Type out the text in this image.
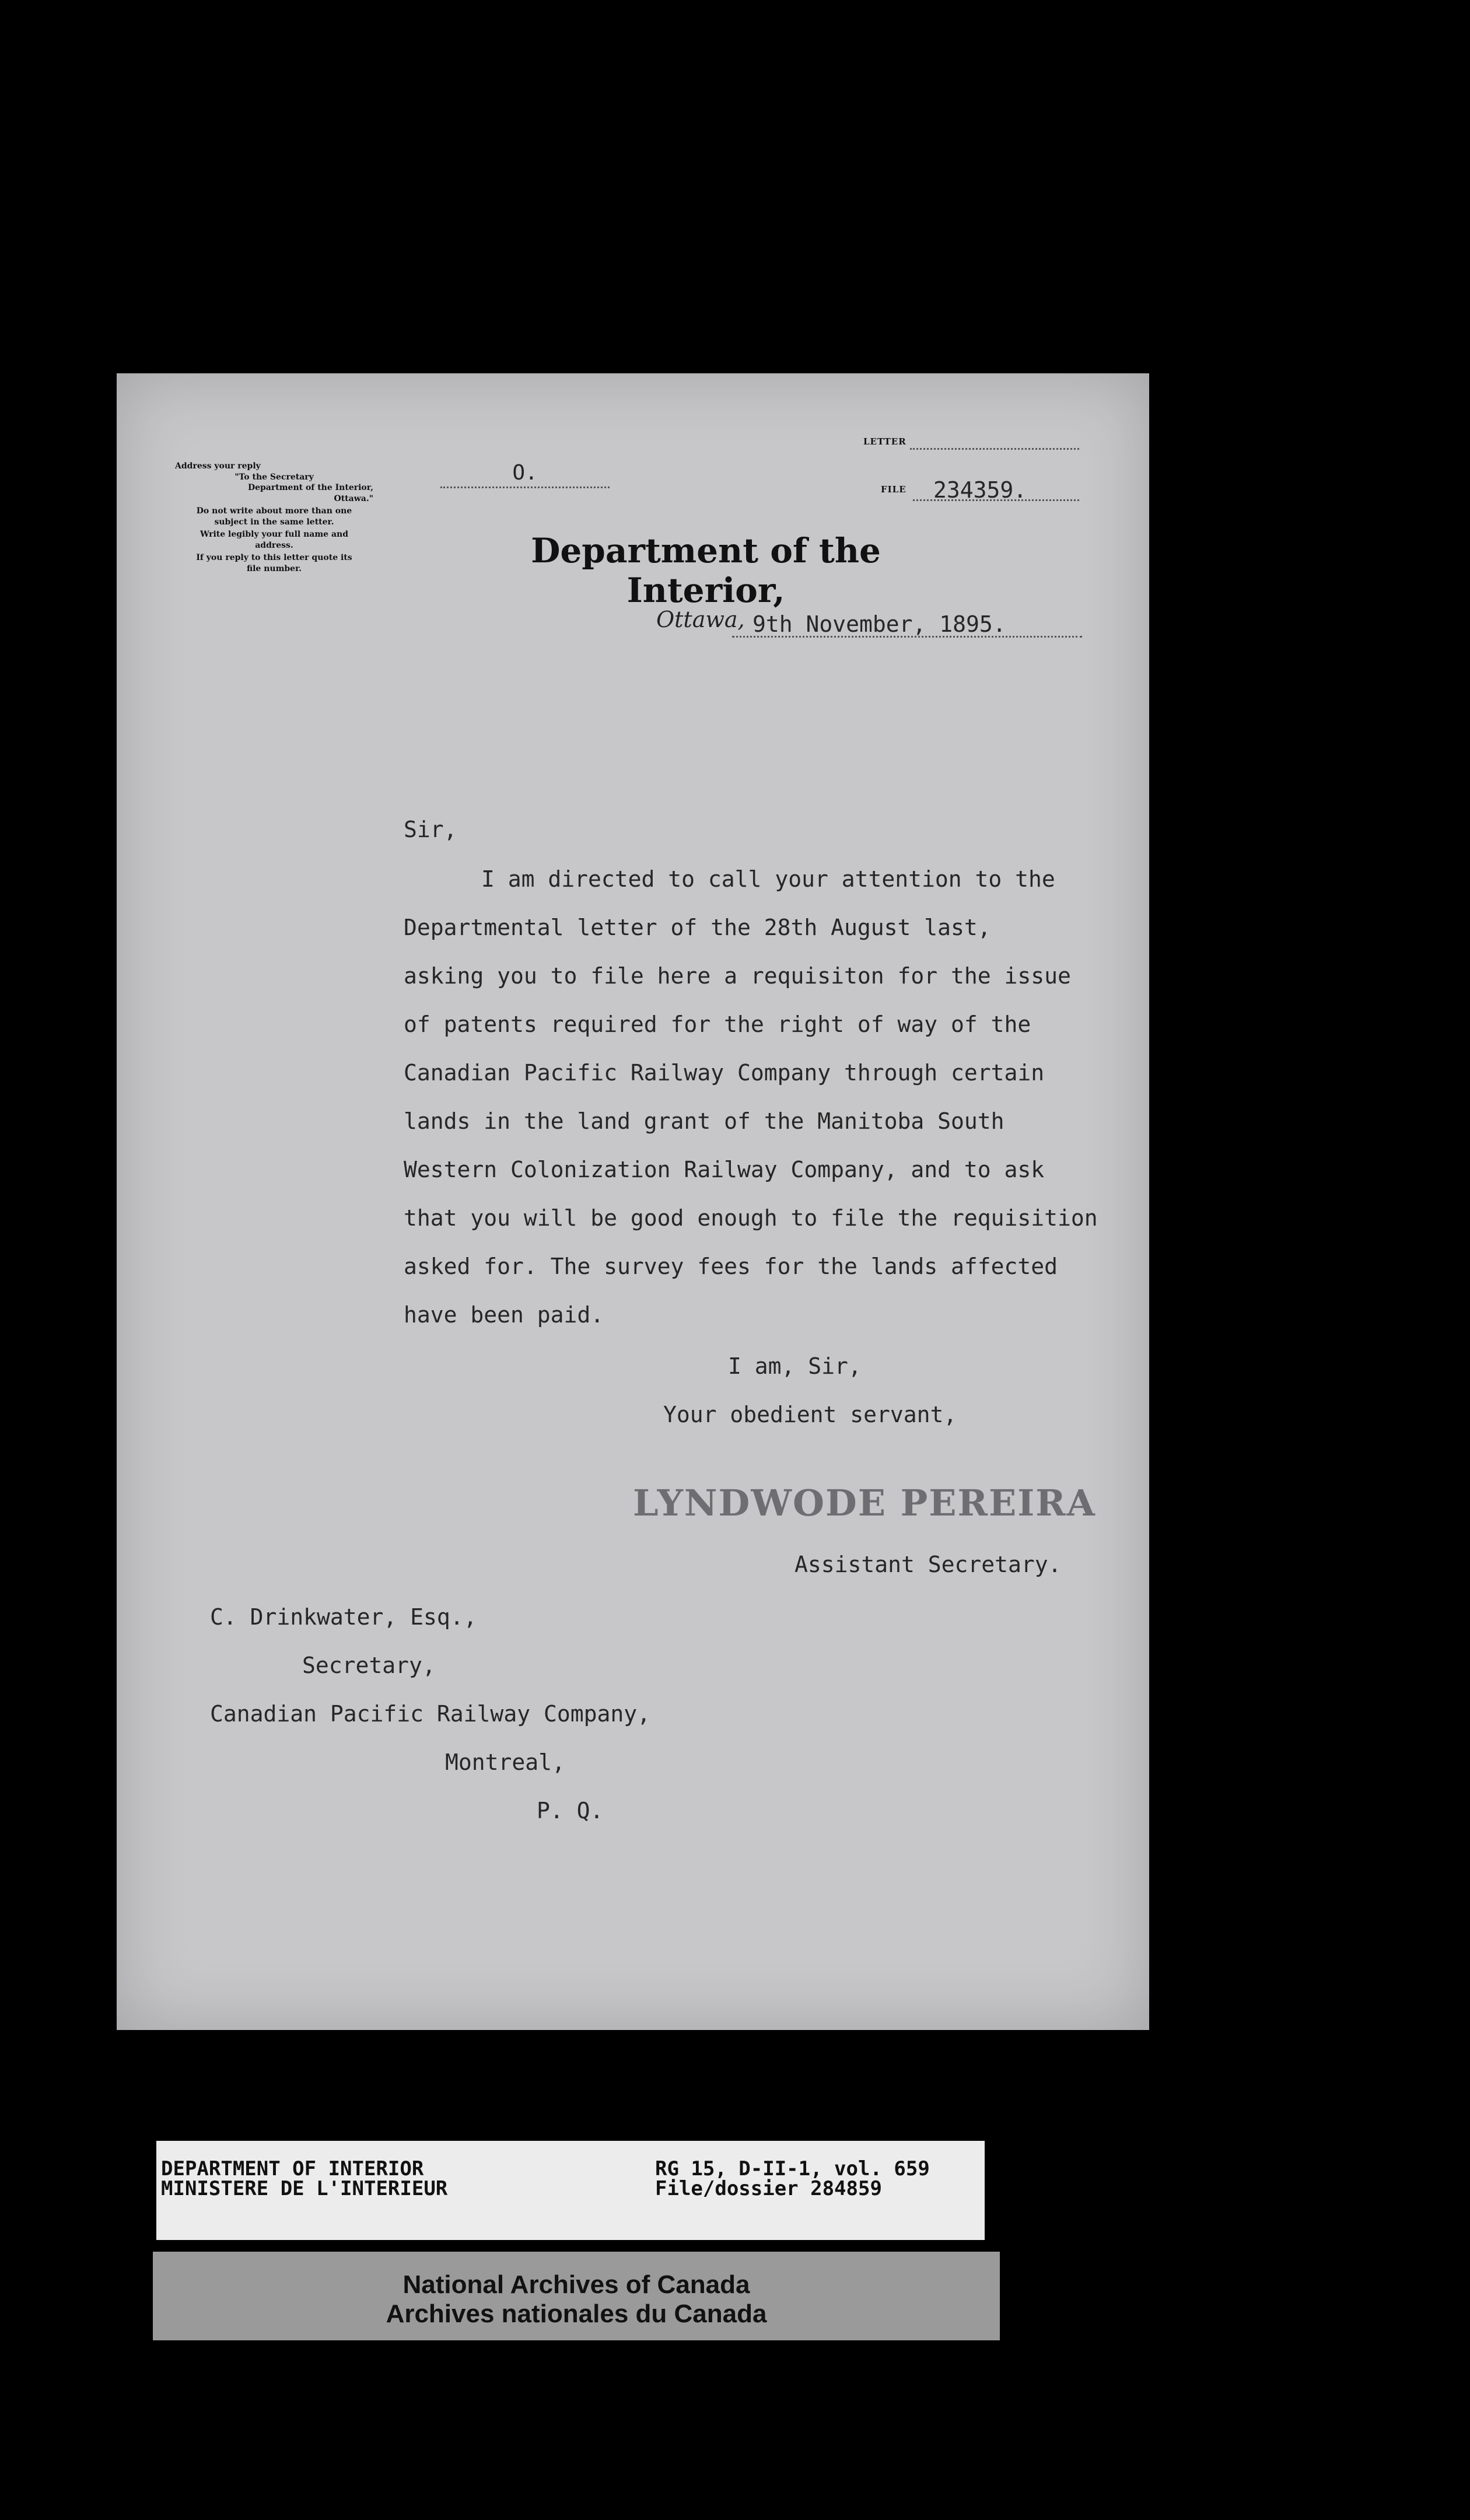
Address your reply
"To the Secretary
Department of the Interior,
Ottawa."
Do not write about more than one
subject in the same letter.
Write legibly your full name and
address.
If you reply to this letter quote its
file number.
O.
LETTER
FILE 234359.
Department of the Interior,
Ottawa, 9th November, 1895.
Sir,
I am directed to call your attention to the
Departmental letter of the 28th August last,
asking you to file here a requisiton for the issue
of patents required for the right of way of the
Canadian Pacific Railway Company through certain
lands in the land grant of the Manitoba South
Western Colonization Railway Company, and to ask
that you will be good enough to file the requisition
asked for. The survey fees for the lands affected
have been paid.
I am, Sir,
Your obedient servant,
LYNDWODE PEREIRA
Assistant Secretary.
C. Drinkwater, Esq.,
Secretary,
Canadian Pacific Railway Company,
Montreal,
P. Q.
DEPARTMENT OF INTERIOR
MINISTERE DE L'INTERIEUR
RG 15, D-II-1, vol. 659
File/dossier 284859
National Archives of Canada
Archives nationales du Canada
